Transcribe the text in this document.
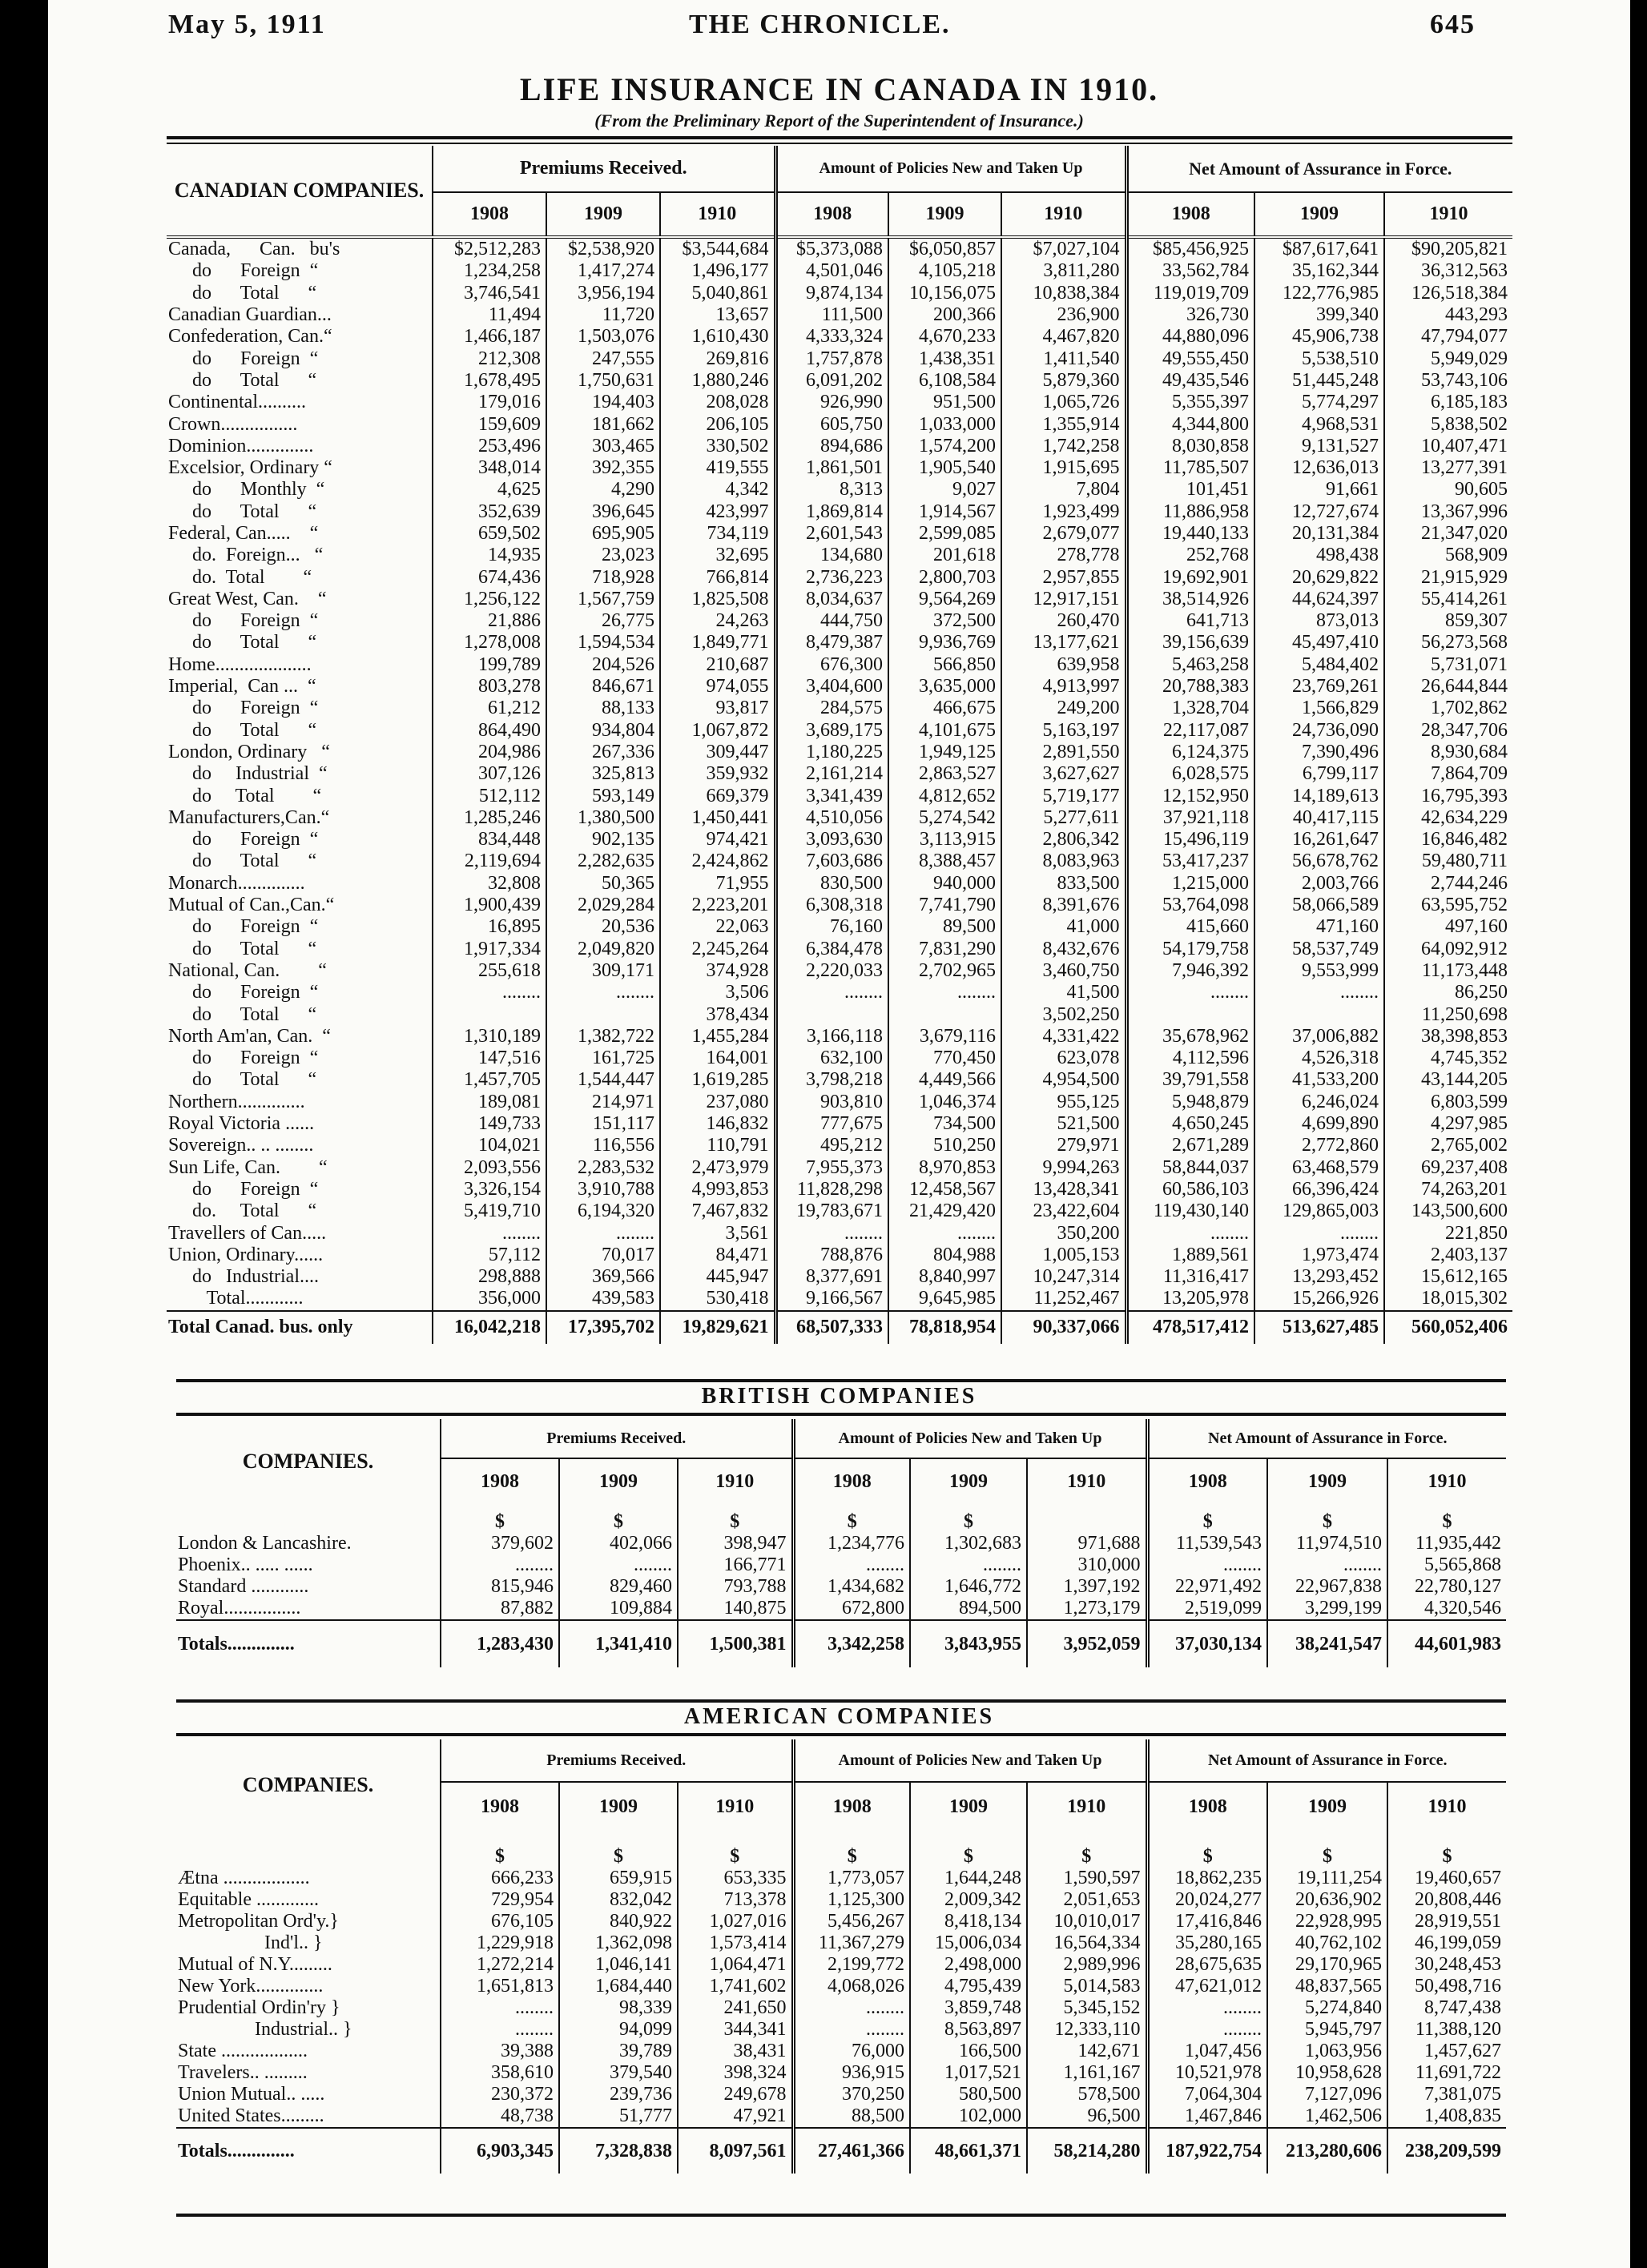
May 5, 1911	THE CHRONICLE.	645
LIFE INSURANCE IN CANADA IN 1910.
(From the Preliminary Report of the Superintendent of Insurance.)
CANADIAN COMPANIES.	Premiums Received.			Amount of Policies New and Taken Up			Net Amount of Assurance in Force.		
	1908	1909	1910	1908	1909	1910	1908	1909	1910
Canada,      Can.   bu's	$2,512,283	$2,538,920	$3,544,684	$5,373,088	$6,050,857	$7,027,104	$85,456,925	$87,617,641	$90,205,821
do      Foreign  “	1,234,258	1,417,274	1,496,177	4,501,046	4,105,218	3,811,280	33,562,784	35,162,344	36,312,563
do      Total      “	3,746,541	3,956,194	5,040,861	9,874,134	10,156,075	10,838,384	119,019,709	122,776,985	126,518,384
Canadian Guardian...	11,494	11,720	13,657	111,500	200,366	236,900	326,730	399,340	443,293
Confederation, Can.“	1,466,187	1,503,076	1,610,430	4,333,324	4,670,233	4,467,820	44,880,096	45,906,738	47,794,077
do      Foreign  “	212,308	247,555	269,816	1,757,878	1,438,351	1,411,540	49,555,450	5,538,510	5,949,029
do      Total      “	1,678,495	1,750,631	1,880,246	6,091,202	6,108,584	5,879,360	49,435,546	51,445,248	53,743,106
Continental..........	179,016	194,403	208,028	926,990	951,500	1,065,726	5,355,397	5,774,297	6,185,183
Crown................	159,609	181,662	206,105	605,750	1,033,000	1,355,914	4,344,800	4,968,531	5,838,502
Dominion..............	253,496	303,465	330,502	894,686	1,574,200	1,742,258	8,030,858	9,131,527	10,407,471
Excelsior, Ordinary “	348,014	392,355	419,555	1,861,501	1,905,540	1,915,695	11,785,507	12,636,013	13,277,391
do      Monthly  “	4,625	4,290	4,342	8,313	9,027	7,804	101,451	91,661	90,605
do      Total      “	352,639	396,645	423,997	1,869,814	1,914,567	1,923,499	11,886,958	12,727,674	13,367,996
Federal, Can.....    “	659,502	695,905	734,119	2,601,543	2,599,085	2,679,077	19,440,133	20,131,384	21,347,020
do.  Foreign...   “	14,935	23,023	32,695	134,680	201,618	278,778	252,768	498,438	568,909
do.  Total        “	674,436	718,928	766,814	2,736,223	2,800,703	2,957,855	19,692,901	20,629,822	21,915,929
Great West, Can.    “	1,256,122	1,567,759	1,825,508	8,034,637	9,564,269	12,917,151	38,514,926	44,624,397	55,414,261
do      Foreign  “	21,886	26,775	24,263	444,750	372,500	260,470	641,713	873,013	859,307
do      Total      “	1,278,008	1,594,534	1,849,771	8,479,387	9,936,769	13,177,621	39,156,639	45,497,410	56,273,568
Home....................	199,789	204,526	210,687	676,300	566,850	639,958	5,463,258	5,484,402	5,731,071
Imperial,  Can ...  “	803,278	846,671	974,055	3,404,600	3,635,000	4,913,997	20,788,383	23,769,261	26,644,844
do      Foreign  “	61,212	88,133	93,817	284,575	466,675	249,200	1,328,704	1,566,829	1,702,862
do      Total      “	864,490	934,804	1,067,872	3,689,175	4,101,675	5,163,197	22,117,087	24,736,090	28,347,706
London, Ordinary   “	204,986	267,336	309,447	1,180,225	1,949,125	2,891,550	6,124,375	7,390,496	8,930,684
do     Industrial  “	307,126	325,813	359,932	2,161,214	2,863,527	3,627,627	6,028,575	6,799,117	7,864,709
do     Total        “	512,112	593,149	669,379	3,341,439	4,812,652	5,719,177	12,152,950	14,189,613	16,795,393
Manufacturers,Can.“	1,285,246	1,380,500	1,450,441	4,510,056	5,274,542	5,277,611	37,921,118	40,417,115	42,634,229
do      Foreign  “	834,448	902,135	974,421	3,093,630	3,113,915	2,806,342	15,496,119	16,261,647	16,846,482
do      Total      “	2,119,694	2,282,635	2,424,862	7,603,686	8,388,457	8,083,963	53,417,237	56,678,762	59,480,711
Monarch..............	32,808	50,365	71,955	830,500	940,000	833,500	1,215,000	2,003,766	2,744,246
Mutual of Can.,Can.“	1,900,439	2,029,284	2,223,201	6,308,318	7,741,790	8,391,676	53,764,098	58,066,589	63,595,752
do      Foreign  “	16,895	20,536	22,063	76,160	89,500	41,000	415,660	471,160	497,160
do      Total      “	1,917,334	2,049,820	2,245,264	6,384,478	7,831,290	8,432,676	54,179,758	58,537,749	64,092,912
National, Can.        “	255,618	309,171	374,928	2,220,033	2,702,965	3,460,750	7,946,392	9,553,999	11,173,448
do      Foreign  “	........	........	3,506	........	........	41,500	........	........	86,250
do      Total      “			378,434			3,502,250			11,250,698
North Am'an, Can.  “	1,310,189	1,382,722	1,455,284	3,166,118	3,679,116	4,331,422	35,678,962	37,006,882	38,398,853
do      Foreign  “	147,516	161,725	164,001	632,100	770,450	623,078	4,112,596	4,526,318	4,745,352
do      Total      “	1,457,705	1,544,447	1,619,285	3,798,218	4,449,566	4,954,500	39,791,558	41,533,200	43,144,205
Northern..............	189,081	214,971	237,080	903,810	1,046,374	955,125	5,948,879	6,246,024	6,803,599
Royal Victoria ......	149,733	151,117	146,832	777,675	734,500	521,500	4,650,245	4,699,890	4,297,985
Sovereign.. .. ........	104,021	116,556	110,791	495,212	510,250	279,971	2,671,289	2,772,860	2,765,002
Sun Life, Can.        “	2,093,556	2,283,532	2,473,979	7,955,373	8,970,853	9,994,263	58,844,037	63,468,579	69,237,408
do      Foreign  “	3,326,154	3,910,788	4,993,853	11,828,298	12,458,567	13,428,341	60,586,103	66,396,424	74,263,201
do.     Total      “	5,419,710	6,194,320	7,467,832	19,783,671	21,429,420	23,422,604	119,430,140	129,865,003	143,500,600
Travellers of Can.....	........	........	3,561	........	........	350,200	........	........	221,850
Union, Ordinary......	57,112	70,017	84,471	788,876	804,988	1,005,153	1,889,561	1,973,474	2,403,137
do   Industrial....	298,888	369,566	445,947	8,377,691	8,840,997	10,247,314	11,316,417	13,293,452	15,612,165
Total............	356,000	439,583	530,418	9,166,567	9,645,985	11,252,467	13,205,978	15,266,926	18,015,302
Total Canad. bus. only	16,042,218	17,395,702	19,829,621	68,507,333	78,818,954	90,337,066	478,517,412	513,627,485	560,052,406
BRITISH COMPANIES
COMPANIES.	Premiums Received.			Amount of Policies New and Taken Up			Net Amount of Assurance in Force.		
	1908	1909	1910	1908	1909	1910	1908	1909	1910
	$	$	$	$	$		$	$	$
London & Lancashire.	379,602	402,066	398,947	1,234,776	1,302,683	971,688	11,539,543	11,974,510	11,935,442
Phoenix.. ..... ......	........	........	166,771	........	........	310,000	........	........	5,565,868
Standard ............	815,946	829,460	793,788	1,434,682	1,646,772	1,397,192	22,971,492	22,967,838	22,780,127
Royal................	87,882	109,884	140,875	672,800	894,500	1,273,179	2,519,099	3,299,199	4,320,546
Totals..............	1,283,430	1,341,410	1,500,381	3,342,258	3,843,955	3,952,059	37,030,134	38,241,547	44,601,983
AMERICAN COMPANIES
COMPANIES.	Premiums Received.			Amount of Policies New and Taken Up			Net Amount of Assurance in Force.		
	1908	1909	1910	1908	1909	1910	1908	1909	1910
	$	$	$	$	$	$	$	$	$
Ætna ..................	666,233	659,915	653,335	1,773,057	1,644,248	1,590,597	18,862,235	19,111,254	19,460,657
Equitable .............	729,954	832,042	713,378	1,125,300	2,009,342	2,051,653	20,024,277	20,636,902	20,808,446
Metropolitan Ord'y.}	676,105	840,922	1,027,016	5,456,267	8,418,134	10,010,017	17,416,846	22,928,995	28,919,551
Ind'l.. }	1,229,918	1,362,098	1,573,414	11,367,279	15,006,034	16,564,334	35,280,165	40,762,102	46,199,059
Mutual of N.Y.........	1,272,214	1,046,141	1,064,471	2,199,772	2,498,000	2,989,996	28,675,635	29,170,965	30,248,453
New York..............	1,651,813	1,684,440	1,741,602	4,068,026	4,795,439	5,014,583	47,621,012	48,837,565	50,498,716
Prudential Ordin'ry }	........	98,339	241,650	........	3,859,748	5,345,152	........	5,274,840	8,747,438
Industrial.. }	........	94,099	344,341	........	8,563,897	12,333,110	........	5,945,797	11,388,120
State ..................	39,388	39,789	38,431	76,000	166,500	142,671	1,047,456	1,063,956	1,457,627
Travelers.. .........	358,610	379,540	398,324	936,915	1,017,521	1,161,167	10,521,978	10,958,628	11,691,722
Union Mutual.. .....	230,372	239,736	249,678	370,250	580,500	578,500	7,064,304	7,127,096	7,381,075
United States.........	48,738	51,777	47,921	88,500	102,000	96,500	1,467,846	1,462,506	1,408,835
Totals..............	6,903,345	7,328,838	8,097,561	27,461,366	48,661,371	58,214,280	187,922,754	213,280,606	238,209,599
